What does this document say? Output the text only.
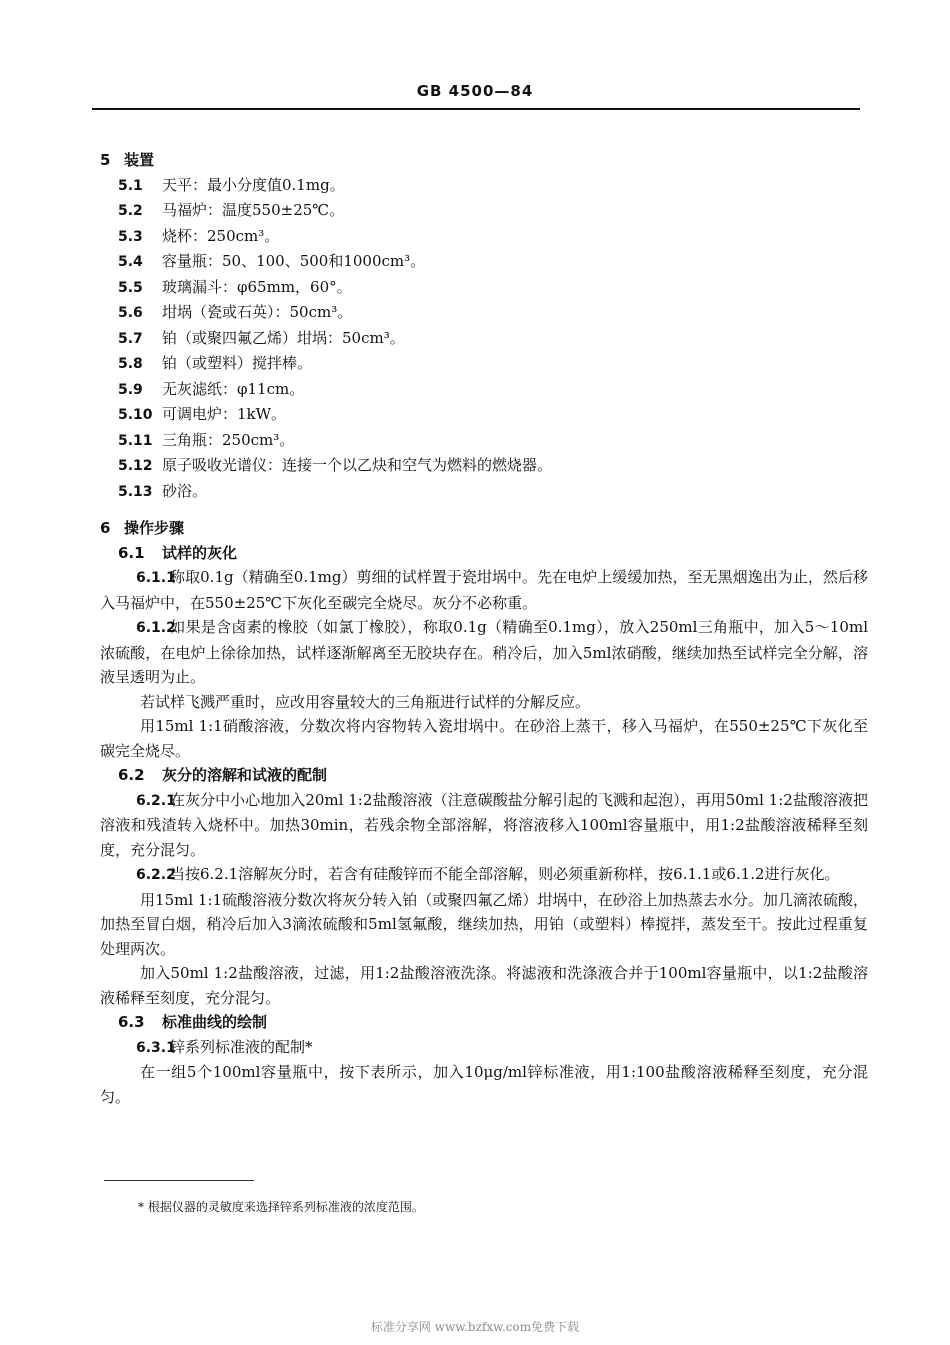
GB 4500—84

5 装置

5.1 天平：最小分度值0.1mg。

5.2 马福炉：温度550±25℃。

5.3 烧杯：250cm³。

5.4 容量瓶：50、100、500和1000cm³。

5.5 玻璃漏斗：φ65mm，60°。

5.6 坩埚（瓷或石英）：50cm³。

5.7 铂（或聚四氟乙烯）坩埚：50cm³。

5.8 铂（或塑料）搅拌棒。

5.9 无灰滤纸：φ11cm。

5.10 可调电炉：1kW。

5.11 三角瓶：250cm³。

5.12 原子吸收光谱仪：连接一个以乙炔和空气为燃料的燃烧器。

5.13 砂浴。

6 操作步骤

6.1 试样的灰化

6.1.1称取0.1g（精确至0.1mg）剪细的试样置于瓷坩埚中。先在电炉上缓缓加热，至无黑烟逸出为止，然后移入马福炉中，在550±25℃下灰化至碳完全烧尽。灰分不必称重。

6.1.2如果是含卤素的橡胶（如氯丁橡胶），称取0.1g（精确至0.1mg），放入250ml三角瓶中，加入5～10ml浓硫酸，在电炉上徐徐加热，试样逐渐解离至无胶块存在。稍冷后，加入5ml浓硝酸，继续加热至试样完全分解，溶液呈透明为止。

若试样飞溅严重时，应改用容量较大的三角瓶进行试样的分解反应。

用15ml 1:1硝酸溶液，分数次将内容物转入瓷坩埚中。在砂浴上蒸干，移入马福炉，在550±25℃下灰化至碳完全烧尽。

6.2 灰分的溶解和试液的配制

6.2.1在灰分中小心地加入20ml 1:2盐酸溶液（注意碳酸盐分解引起的飞溅和起泡），再用50ml 1:2盐酸溶液把溶液和残渣转入烧杯中。加热30min，若残余物全部溶解，将溶液移入100ml容量瓶中，用1:2盐酸溶液稀释至刻度，充分混匀。

6.2.2当按6.2.1溶解灰分时，若含有硅酸锌而不能全部溶解，则必须重新称样，按6.1.1或6.1.2进行灰化。

用15ml 1:1硫酸溶液分数次将灰分转入铂（或聚四氟乙烯）坩埚中，在砂浴上加热蒸去水分。加几滴浓硫酸，加热至冒白烟，稍冷后加入3滴浓硫酸和5ml氢氟酸，继续加热，用铂（或塑料）棒搅拌，蒸发至干。按此过程重复处理两次。

加入50ml 1:2盐酸溶液，过滤，用1:2盐酸溶液洗涤。将滤液和洗涤液合并于100ml容量瓶中，以1:2盐酸溶液稀释至刻度，充分混匀。

6.3 标准曲线的绘制

6.3.1锌系列标准液的配制*

在一组5个100ml容量瓶中，按下表所示，加入10μg/ml锌标准液，用1:100盐酸溶液稀释至刻度，充分混匀。

* 根据仪器的灵敏度来选择锌系列标准液的浓度范围。
标准分享网 www.bzfxw.com免费下载
